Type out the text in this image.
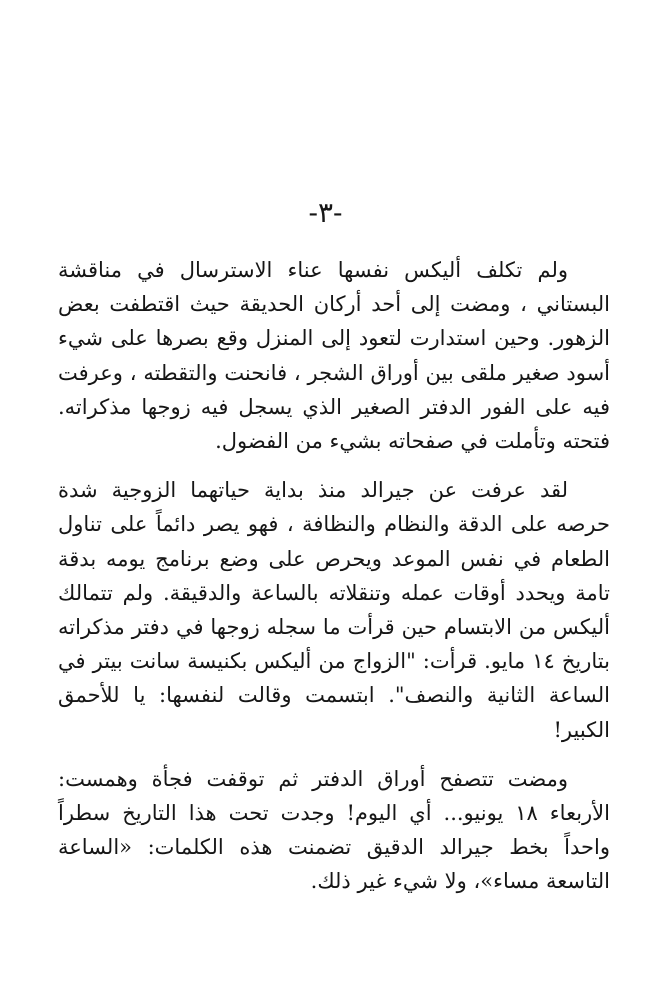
-٣-

ولم تكلف أليكس نفسها عناء الاسترسال في مناقشة البستاني ، ومضت إلى أحد أركان الحديقة حيث اقتطفت بعض الزهور. وحين استدارت لتعود إلى المنزل وقع بصرها على شيء أسود صغير ملقى بين أوراق الشجر ، فانحنت والتقطته ، وعرفت فيه على الفور الدفتر الصغير الذي يسجل فيه زوجها مذكراته. فتحته وتأملت في صفحاته بشيء من الفضول.

لقد عرفت عن جيرالد منذ بداية حياتهما الزوجية شدة حرصه على الدقة والنظام والنظافة ، فهو يصر دائماً على تناول الطعام في نفس الموعد ويحرص على وضع برنامج يومه بدقة تامة ويحدد أوقات عمله وتنقلاته بالساعة والدقيقة. ولم تتمالك أليكس من الابتسام حين قرأت ما سجله زوجها في دفتر مذكراته بتاريخ ١٤ مايو. قرأت: "الزواج من أليكس بكنيسة سانت بيتر في الساعة الثانية والنصف". ابتسمت وقالت لنفسها: يا للأحمق الكبير!

ومضت تتصفح أوراق الدفتر ثم توقفت فجأة وهمست: الأربعاء ١٨ يونيو... أي اليوم! وجدت تحت هذا التاريخ سطراً واحداً بخط جيرالد الدقيق تضمنت هذه الكلمات: «الساعة التاسعة مساء»، ولا شيء غير ذلك.
